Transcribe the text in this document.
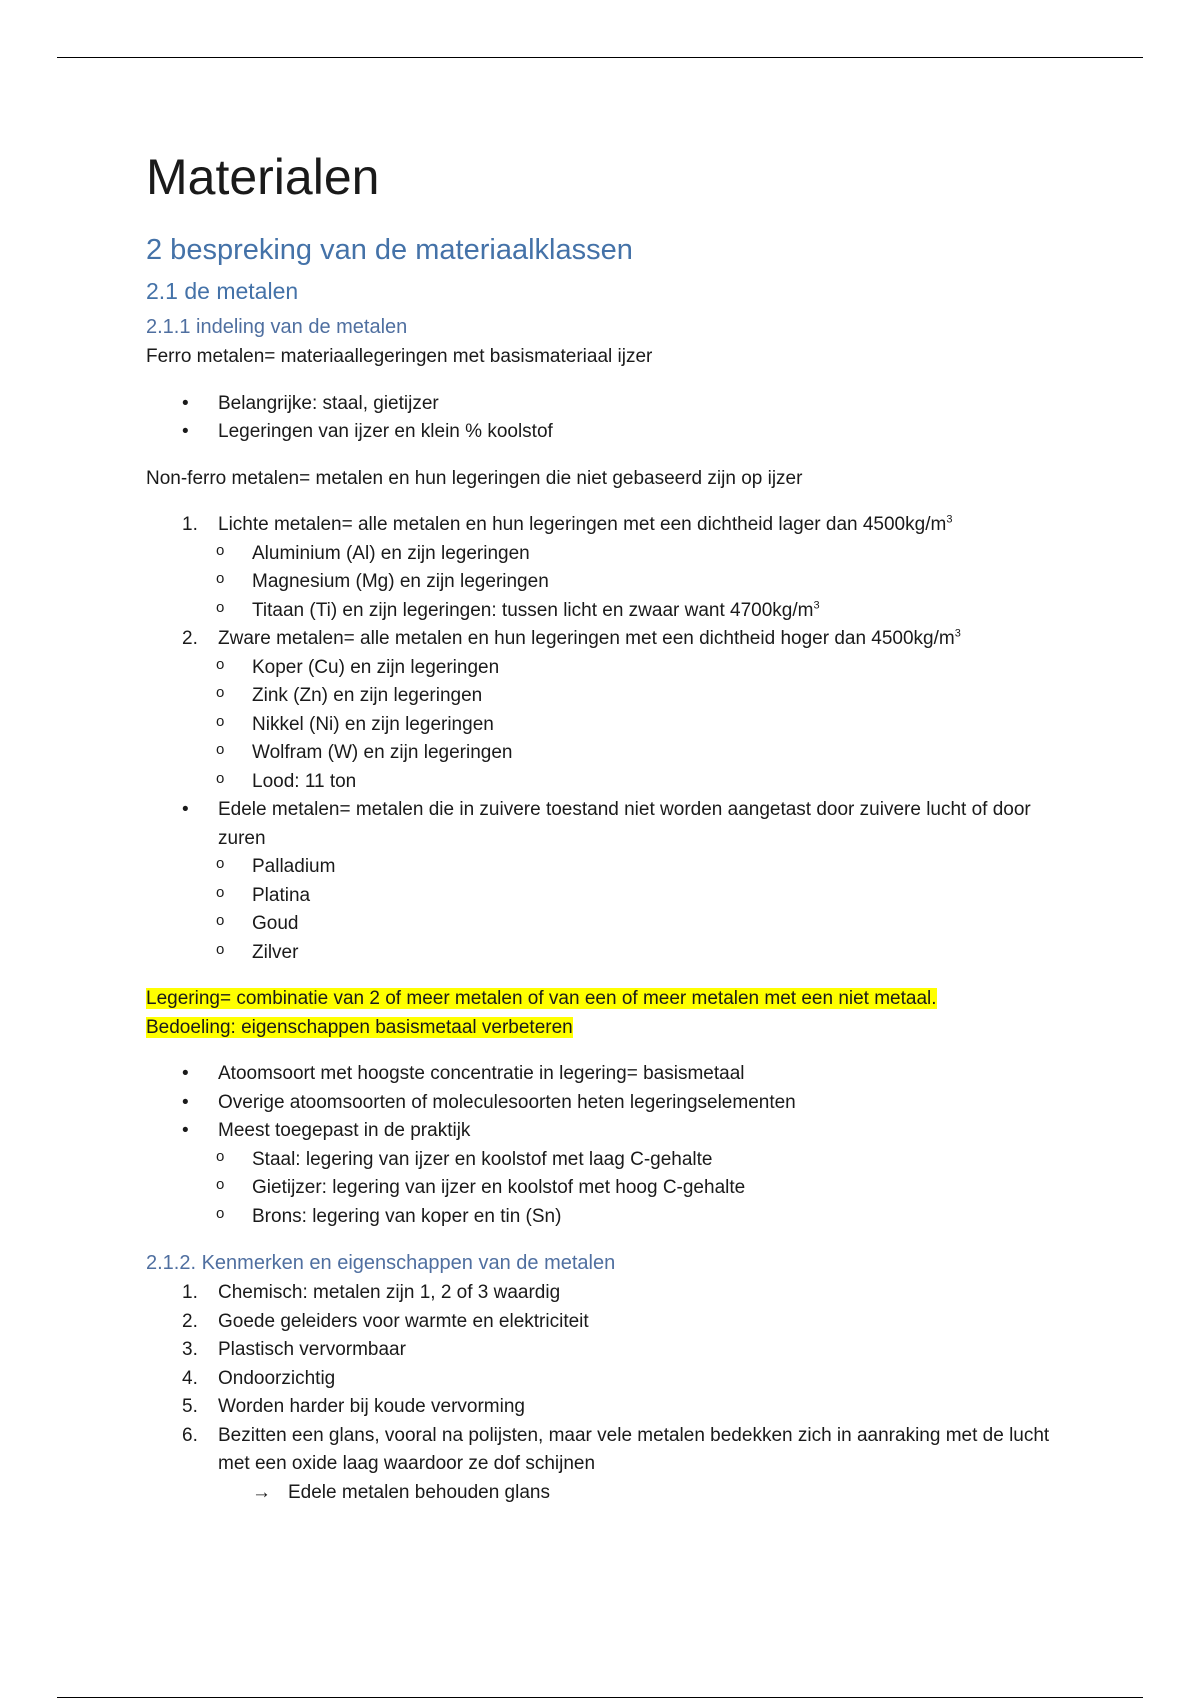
Materialen
2 bespreking van de materiaalklassen
2.1 de metalen
2.1.1 indeling van de metalen

Ferro metalen= materiaallegeringen met basismateriaal ijzer

• Belangrijke: staal, gietijzer
• Legeringen van ijzer en klein % koolstof

Non-ferro metalen= metalen en hun legeringen die niet gebaseerd zijn op ijzer

1. Lichte metalen= alle metalen en hun legeringen met een dichtheid lager dan $4500kg/m^3$
o Aluminium (Al) en zijn legeringen
o Magnesium (Mg) en zijn legeringen
o Titaan (Ti) en zijn legeringen: tussen licht en zwaar want $4700kg/m^3$
2. Zware metalen= alle metalen en hun legeringen met een dichtheid hoger dan $4500kg/m^3$
o Koper (Cu) en zijn legeringen
o Zink (Zn) en zijn legeringen
o Nikkel (Ni) en zijn legeringen
o Wolfram (W) en zijn legeringen
o Lood: 11 ton
• Edele metalen= metalen die in zuivere toestand niet worden aangetast door zuivere lucht of door zuren
o Palladium
o Platina
o Goud
o Zilver

Legering= combinatie van 2 of meer metalen of van een of meer metalen met een niet metaal.

Bedoeling: eigenschappen basismetaal verbeteren

• Atoomsoort met hoogste concentratie in legering= basismetaal
• Overige atoomsoorten of moleculesoorten heten legeringselementen
• Meest toegepast in de praktijk
o Staal: legering van ijzer en koolstof met laag C-gehalte
o Gietijzer: legering van ijzer en koolstof met hoog C-gehalte
o Brons: legering van koper en tin (Sn)
2.1.2. Kenmerken en eigenschappen van de metalen
1. Chemisch: metalen zijn 1, 2 of 3 waardig
2. Goede geleiders voor warmte en elektriciteit
3. Plastisch vervormbaar
4. Ondoorzichtig
5. Worden harder bij koude vervorming
6. Bezitten een glans, vooral na polijsten, maar vele metalen bedekken zich in aanraking met de lucht met een oxide laag waardoor ze dof schijnen
→ Edele metalen behouden glans
